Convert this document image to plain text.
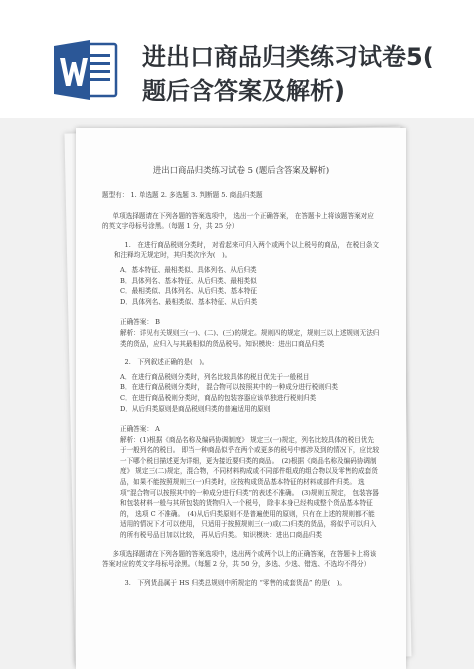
进出口商品归类练习试卷5(
题后含答案及解析)
进出口商品归类练习试卷 5 (题后含答案及解析)
题型有： 1. 单选题 2. 多选题 3. 判断题 5. 商品归类题
单项选择题请在下列各题的答案选项中， 选出一个正确答案， 在答题卡上将该题答案对应的英文字母标号涂黑。（每题 1 分，共 25 分）
1.　在进行商品税则分类时， 对看起来可归入两个或两个以上税号的商品， 在税目条文和注释均无规定时，其归类次序为(　)。
A．基本特征、最相类似、具体列名、从后归类
B．具体列名、基本特征、从后归类、最相类似
C．最相类似、具体列名、从后归类、基本特征
D．具体列名、最相类似、基本特征、从后归类
正确答案： B
解析：详见有关规则三(一)、(二)、(三)的规定。规则四的规定，规则三以上述规则无法归类的货品，应归入与其最相似的货品税号。知识模块：进出口商品归类
2.　下列叙述正确的是(　)。
A．在进行商品税则分类时，列名比较具体的税目优先于一般税目
B．在进行商品税则分类时， 混合物可以按照其中的一种成分进行税则归类
C．在进行商品税则分类时，商品的包装容器应该单独进行税则归类
D．从后归类原则是商品税则归类的普遍适用的原则
正确答案： A
解析：(1)根据《商品名称及编码协调制度》 规定三(一)规定，列名比较具体的税目优先于一般列名的税目。 即当一种商品似乎在两个或更多的税号中都涉及到的情况下，应比较一下哪个税目描述更为详细，更为接近要归类的商品。　(2)根据《商品名称及编码协调制度》 规定三(二)规定，混合物，不同材料构成或不同部件组成的组合物以及零售的成套货品，如果不能按照规则三(一)归类时，应按构成货品基本特征的材料或部件归类。 选项“混合物可以按照其中的一种成分进行归类”的表述不准确。　(3)规则五规定， 包装容器和包装材料一般与其所包装的货物归入一个税号， 除非本身已经构成整个货品基本特征的， 选项 C 不准确。　(4)从后归类原则不是普遍使用的原则，只有在上述的规则都不能适用的情况下才可以使用， 只适用于按照规则三(一)或(二)归类的货品，将似乎可以归入的所有税号品目加以比较， 再从后归类。 知识模块：进出口商品归类
多项选择题请在下列各题的答案选项中，选出两个或两个以上的正确答案，在答题卡上将该答案对应的英文字母标号涂黑。（每题 2 分，共 50 分，多选、少选、错选、不选均不得分）
3.　下列货品属于 HS 归类总规则中所规定的 “零售的成套货品” 的是(　)。
